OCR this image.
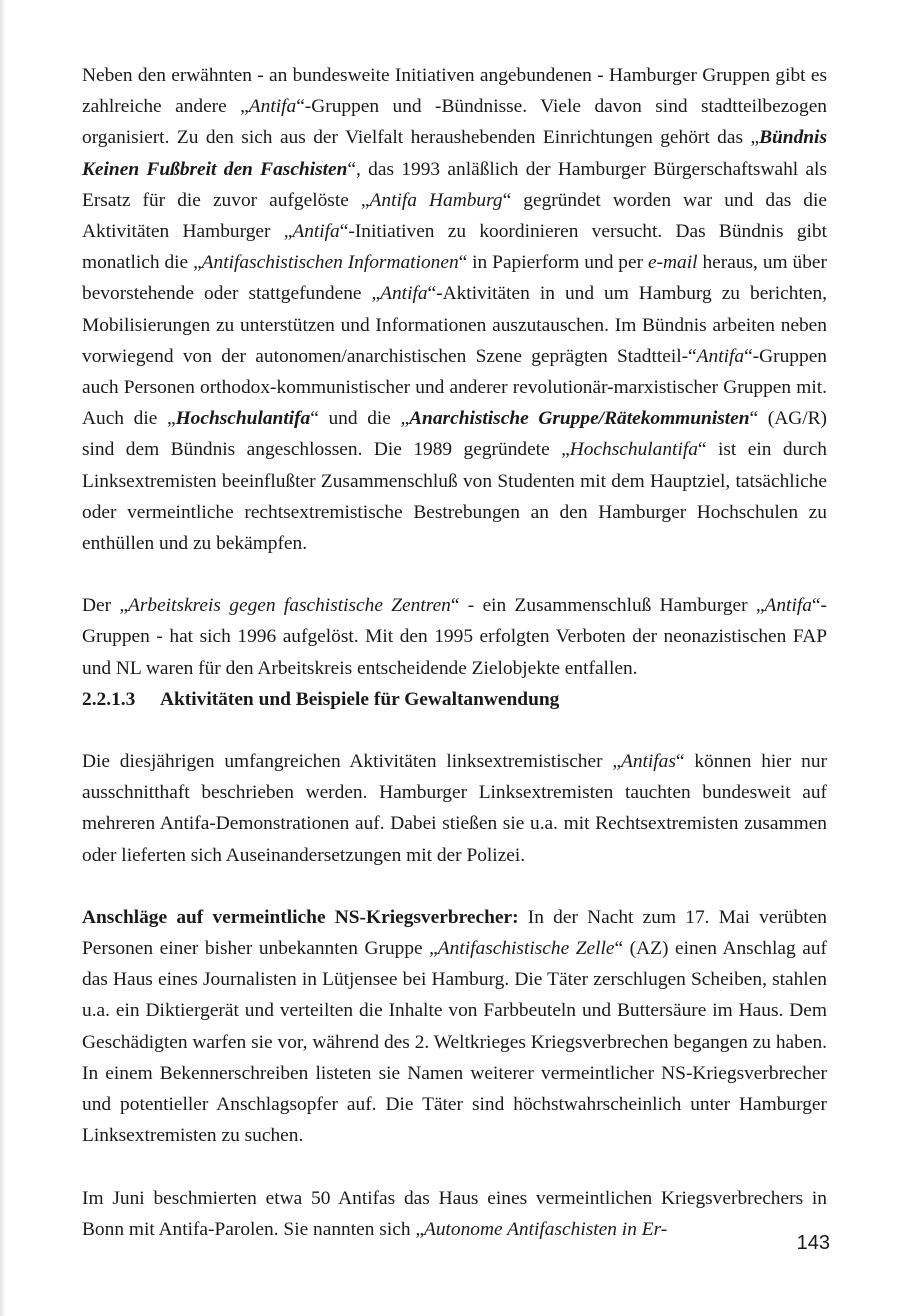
Neben den erwähnten - an bundesweite Initiativen angebundenen - Hamburger Gruppen gibt es zahlreiche andere „Antifa“-Gruppen und -Bündnisse. Viele davon sind stadtteilbezogen organisiert. Zu den sich aus der Vielfalt heraushebenden Einrichtungen gehört das „Bündnis Keinen Fußbreit den Faschisten“, das 1993 anläßlich der Hamburger Bürgerschaftswahl als Ersatz für die zuvor aufgelöste „Antifa Hamburg“ gegründet worden war und das die Aktivitäten Hamburger „Antifa“-Initiativen zu koordinieren versucht. Das Bündnis gibt monatlich die „Antifaschistischen Informationen“ in Papierform und per e-mail heraus, um über bevorstehende oder stattgefundene „Antifa“-Aktivitäten in und um Hamburg zu berichten, Mobilisierungen zu unterstützen und Informationen auszutauschen. Im Bündnis arbeiten neben vorwiegend von der autonomen/anarchistischen Szene geprägten Stadtteil-“Antifa“-Gruppen auch Personen orthodox-kommunistischer und anderer revolutionär-marxistischer Gruppen mit. Auch die „Hochschulantifa“ und die „Anarchistische Gruppe/Rätekommunisten“ (AG/R) sind dem Bündnis angeschlossen. Die 1989 gegründete „Hochschulantifa“ ist ein durch Linksextremisten beeinflußter Zusammenschluß von Studenten mit dem Hauptziel, tatsächliche oder vermeintliche rechtsextremistische Bestrebungen an den Hamburger Hochschulen zu enthüllen und zu bekämpfen.

Der „Arbeitskreis gegen faschistische Zentren“ - ein Zusammenschluß Hamburger „Antifa“-Gruppen - hat sich 1996 aufgelöst. Mit den 1995 erfolgten Verboten der neonazistischen FAP und NL waren für den Arbeitskreis entscheidende Zielobjekte entfallen.

2.2.1.3 Aktivitäten und Beispiele für Gewaltanwendung

Die diesjährigen umfangreichen Aktivitäten linksextremistischer „Antifas“ können hier nur ausschnitthaft beschrieben werden. Hamburger Linksextremisten tauchten bundesweit auf mehreren Antifa-Demonstrationen auf. Dabei stießen sie u.a. mit Rechtsextremisten zusammen oder lieferten sich Auseinandersetzungen mit der Polizei.

Anschläge auf vermeintliche NS-Kriegsverbrecher: In der Nacht zum 17. Mai verübten Personen einer bisher unbekannten Gruppe „Antifaschistische Zelle“ (AZ) einen Anschlag auf das Haus eines Journalisten in Lütjensee bei Hamburg. Die Täter zerschlugen Scheiben, stahlen u.a. ein Diktiergerät und verteilten die Inhalte von Farbbeuteln und Buttersäure im Haus. Dem Geschädigten warfen sie vor, während des 2. Weltkrieges Kriegsverbrechen begangen zu haben. In einem Bekennerschreiben listeten sie Namen weiterer vermeintlicher NS-Kriegsverbrecher und potentieller Anschlagsopfer auf. Die Täter sind höchstwahrscheinlich unter Hamburger Linksextremisten zu suchen.

Im Juni beschmierten etwa 50 Antifas das Haus eines vermeintlichen Kriegsverbrechers in Bonn mit Antifa-Parolen. Sie nannten sich „Autonome Antifaschisten in Er-

143
